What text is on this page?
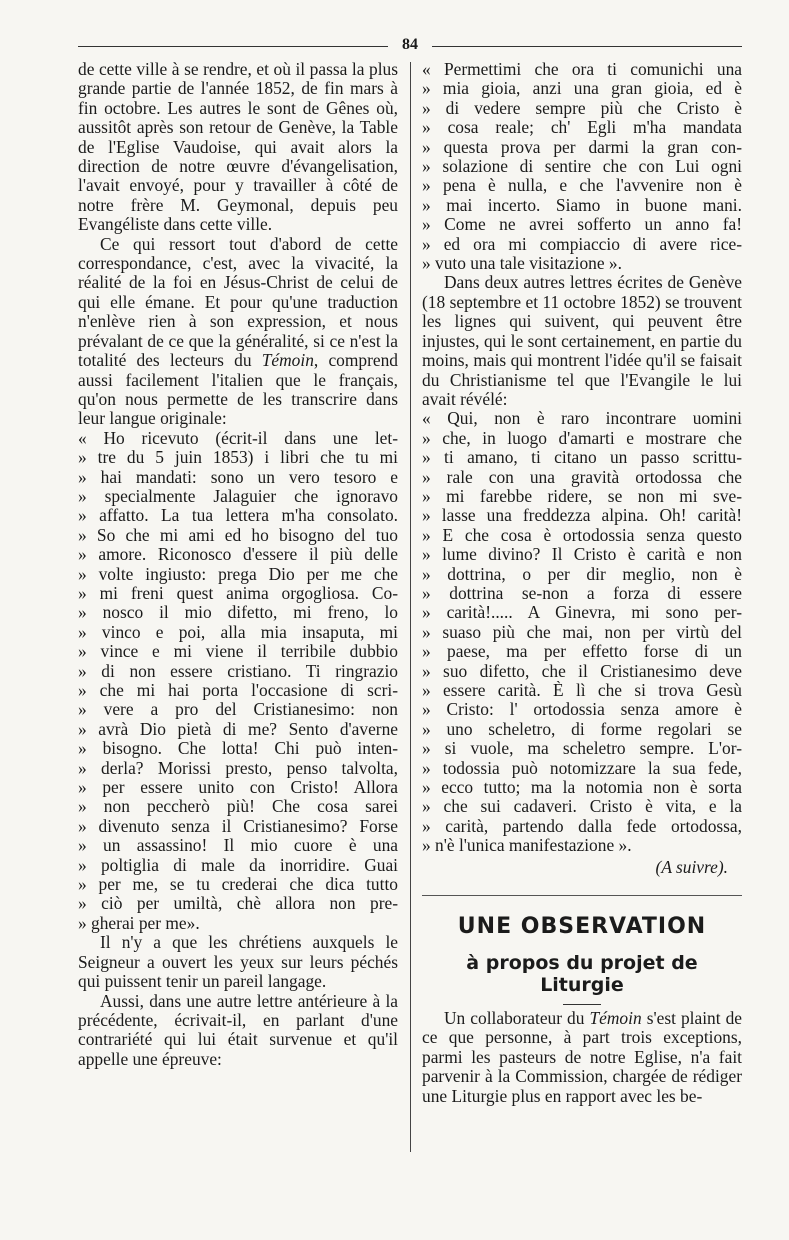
84

de cette ville à se rendre, et où il passa la plus grande partie de l'année 1852, de fin mars à fin octobre. Les autres le sont de Gênes où, aussitôt après son retour de Genève, la Table de l'Eglise Vaudoise, qui avait alors la direction de notre œuvre d'évangelisation, l'avait envoyé, pour y travailler à côté de notre frère M. Geymonal, depuis peu Evangéliste dans cette ville.

Ce qui ressort tout d'abord de cette correspondance, c'est, avec la vivacité, la réalité de la foi en Jésus-Christ de celui de qui elle émane. Et pour qu'une traduction n'enlève rien à son expression, et nous prévalant de ce que la généralité, si ce n'est la totalité des lecteurs du Témoin, comprend aussi facilement l'italien que le français, qu'on nous permette de les transcrire dans leur langue originale:

« Ho ricevuto (écrit-il dans une let-
» tre du 5 juin 1853) i libri che tu mi
» hai mandati: sono un vero tesoro e
» specialmente Jalaguier che ignoravo
» affatto. La tua lettera m'ha consolato.
» So che mi ami ed ho bisogno del tuo
» amore. Riconosco d'essere il più delle
» volte ingiusto: prega Dio per me che
» mi freni quest anima orgogliosa. Co-
» nosco il mio difetto, mi freno, lo
» vinco e poi, alla mia insaputa, mi
» vince e mi viene il terribile dubbio
» di non essere cristiano. Ti ringrazio
» che mi hai porta l'occasione di scri-
» vere a pro del Cristianesimo: non
» avrà Dio pietà di me? Sento d'averne
» bisogno. Che lotta! Chi può inten-
» derla? Morissi presto, penso talvolta,
» per essere unito con Cristo! Allora
» non peccherò più! Che cosa sarei
» divenuto senza il Cristianesimo? Forse
» un assassino! Il mio cuore è una
» poltiglia di male da inorridire. Guai
» per me, se tu crederai che dica tutto
» ciò per umiltà, chè allora non pre-
» gherai per me».

Il n'y a que les chrétiens auxquels le Seigneur a ouvert les yeux sur leurs péchés qui puissent tenir un pareil langage.

Aussi, dans une autre lettre antérieure à la précédente, écrivait-il, en parlant d'une contrariété qui lui était survenue et qu'il appelle une épreuve:

« Permettimi che ora ti comunichi una
» mia gioia, anzi una gran gioia, ed è
» di vedere sempre più che Cristo è
» cosa reale; ch' Egli m'ha mandata
» questa prova per darmi la gran con-
» solazione di sentire che con Lui ogni
» pena è nulla, e che l'avvenire non è
» mai incerto. Siamo in buone mani.
» Come ne avrei sofferto un anno fa!
» ed ora mi compiaccio di avere rice-
» vuto una tale visitazione ».

Dans deux autres lettres écrites de Genève (18 septembre et 11 octobre 1852) se trouvent les lignes qui suivent, qui peuvent être injustes, qui le sont certainement, en partie du moins, mais qui montrent l'idée qu'il se faisait du Christianisme tel que l'Evangile le lui avait révélé:

« Qui, non è raro incontrare uomini
» che, in luogo d'amarti e mostrare che
» ti amano, ti citano un passo scrittu-
» rale con una gravità ortodossa che
» mi farebbe ridere, se non mi sve-
» lasse una freddezza alpina. Oh! carità!
» E che cosa è ortodossia senza questo
» lume divino? Il Cristo è carità e non
» dottrina, o per dir meglio, non è
» dottrina se-non a forza di essere
» carità!..... A Ginevra, mi sono per-
» suaso più che mai, non per virtù del
» paese, ma per effetto forse di un
» suo difetto, che il Cristianesimo deve
» essere carità. È lì che si trova Gesù
» Cristo: l' ortodossia senza amore è
» uno scheletro, di forme regolari se
» si vuole, ma scheletro sempre. L'or-
» todossia può notomizzare la sua fede,
» ecco tutto; ma la notomia non è sorta
» che sui cadaveri. Cristo è vita, e la
» carità, partendo dalla fede ortodossa,
» n'è l'unica manifestazione ».

(A suivre).

UNE OBSERVATION
à propos du projet de Liturgie

Un collaborateur du Témoin s'est plaint de ce que personne, à part trois exceptions, parmi les pasteurs de notre Eglise, n'a fait parvenir à la Commission, chargée de rédiger une Liturgie plus en rapport avec les be-
